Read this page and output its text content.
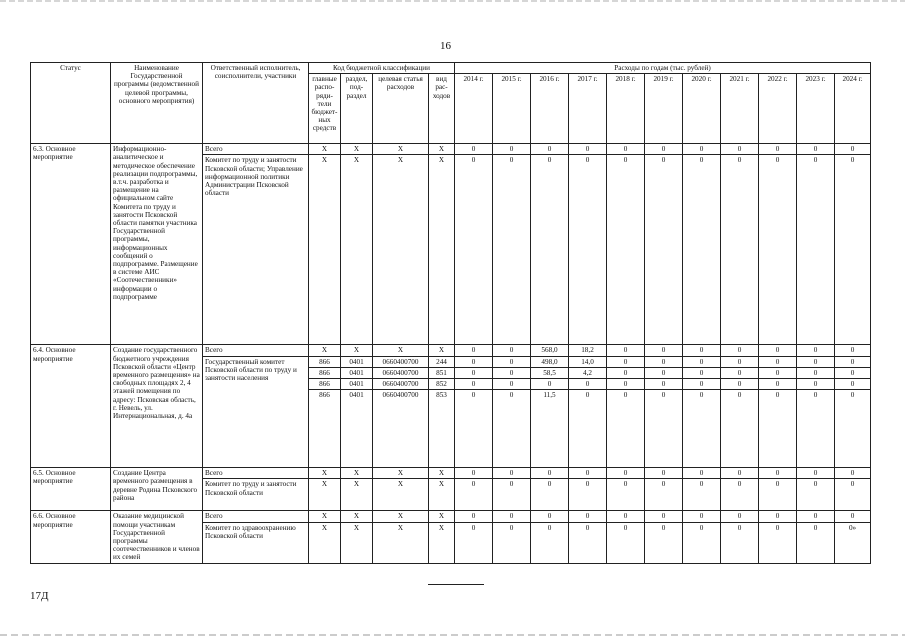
16
Статус	Наименование Государственной программы (ведомственной целевой программы, основного мероприятия)	Ответственный исполнитель, соисполнители, участники	Код бюджетной классификации				Расходы по годам (тыс. рублей)										
			главные распо-ряди-тели бюджет-ных средств	раздел, под-раздел	целевая статья расходов	вид рас-ходов	2014 г.	2015 г.	2016 г.	2017 г.	2018 г.	2019 г.	2020 г.	2021 г.	2022 г.	2023 г.	2024 г.
6.3. Основное мероприятие	Информационно-аналитическое и методическое обеспечение реализации подпрограммы, в.т.ч. разработка и размещение на официальном сайте Комитета по труду и занятости Псковской области памятки участника Государственной программы, информационных сообщений о подпрограмме. Размещение в системе АИС «Соотечественники» информации о подпрограмме	Всего	X	X	X	X	0	0	0	0	0	0	0	0	0	0	0
		Комитет по труду и занятости Псковской области; Управление информационной политики Администрации Псковской области	X	X	X	X	0	0	0	0	0	0	0	0	0	0	0
6.4. Основное мероприятие	Создание государственного бюджетного учреждения Псковской области «Центр временного размещения» на свободных площадях 2, 4 этажей помещения по адресу: Псковская область, г. Невель, ул. Интернациональная, д. 4а	Всего	X	X	X	X	0	0	568,0	18,2	0	0	0	0	0	0	0
		Государственный комитет Псковской области по труду и занятости населения	866	0401	0660400700	244	0	0	498,0	14,0	0	0	0	0	0	0	0
			866	0401	0660400700	851	0	0	58,5	4,2	0	0	0	0	0	0	0
			866	0401	0660400700	852	0	0	0	0	0	0	0	0	0	0	0
			866	0401	0660400700	853	0	0	11,5	0	0	0	0	0	0	0	0
6.5. Основное мероприятие	Создание Центра временного размещения в деревне Родина Псковского района	Всего	X	X	X	X	0	0	0	0	0	0	0	0	0	0	0
		Комитет по труду и занятости Псковской области	X	X	X	X	0	0	0	0	0	0	0	0	0	0	0
6.6. Основное мероприятие	Оказание медицинской помощи участникам Государственной программы соотечественников и членов их семей	Всего	X	X	X	X	0	0	0	0	0	0	0	0	0	0	0
		Комитет по здравоохранению Псковской области	X	X	X	X	0	0	0	0	0	0	0	0	0	0	0»
17Д
